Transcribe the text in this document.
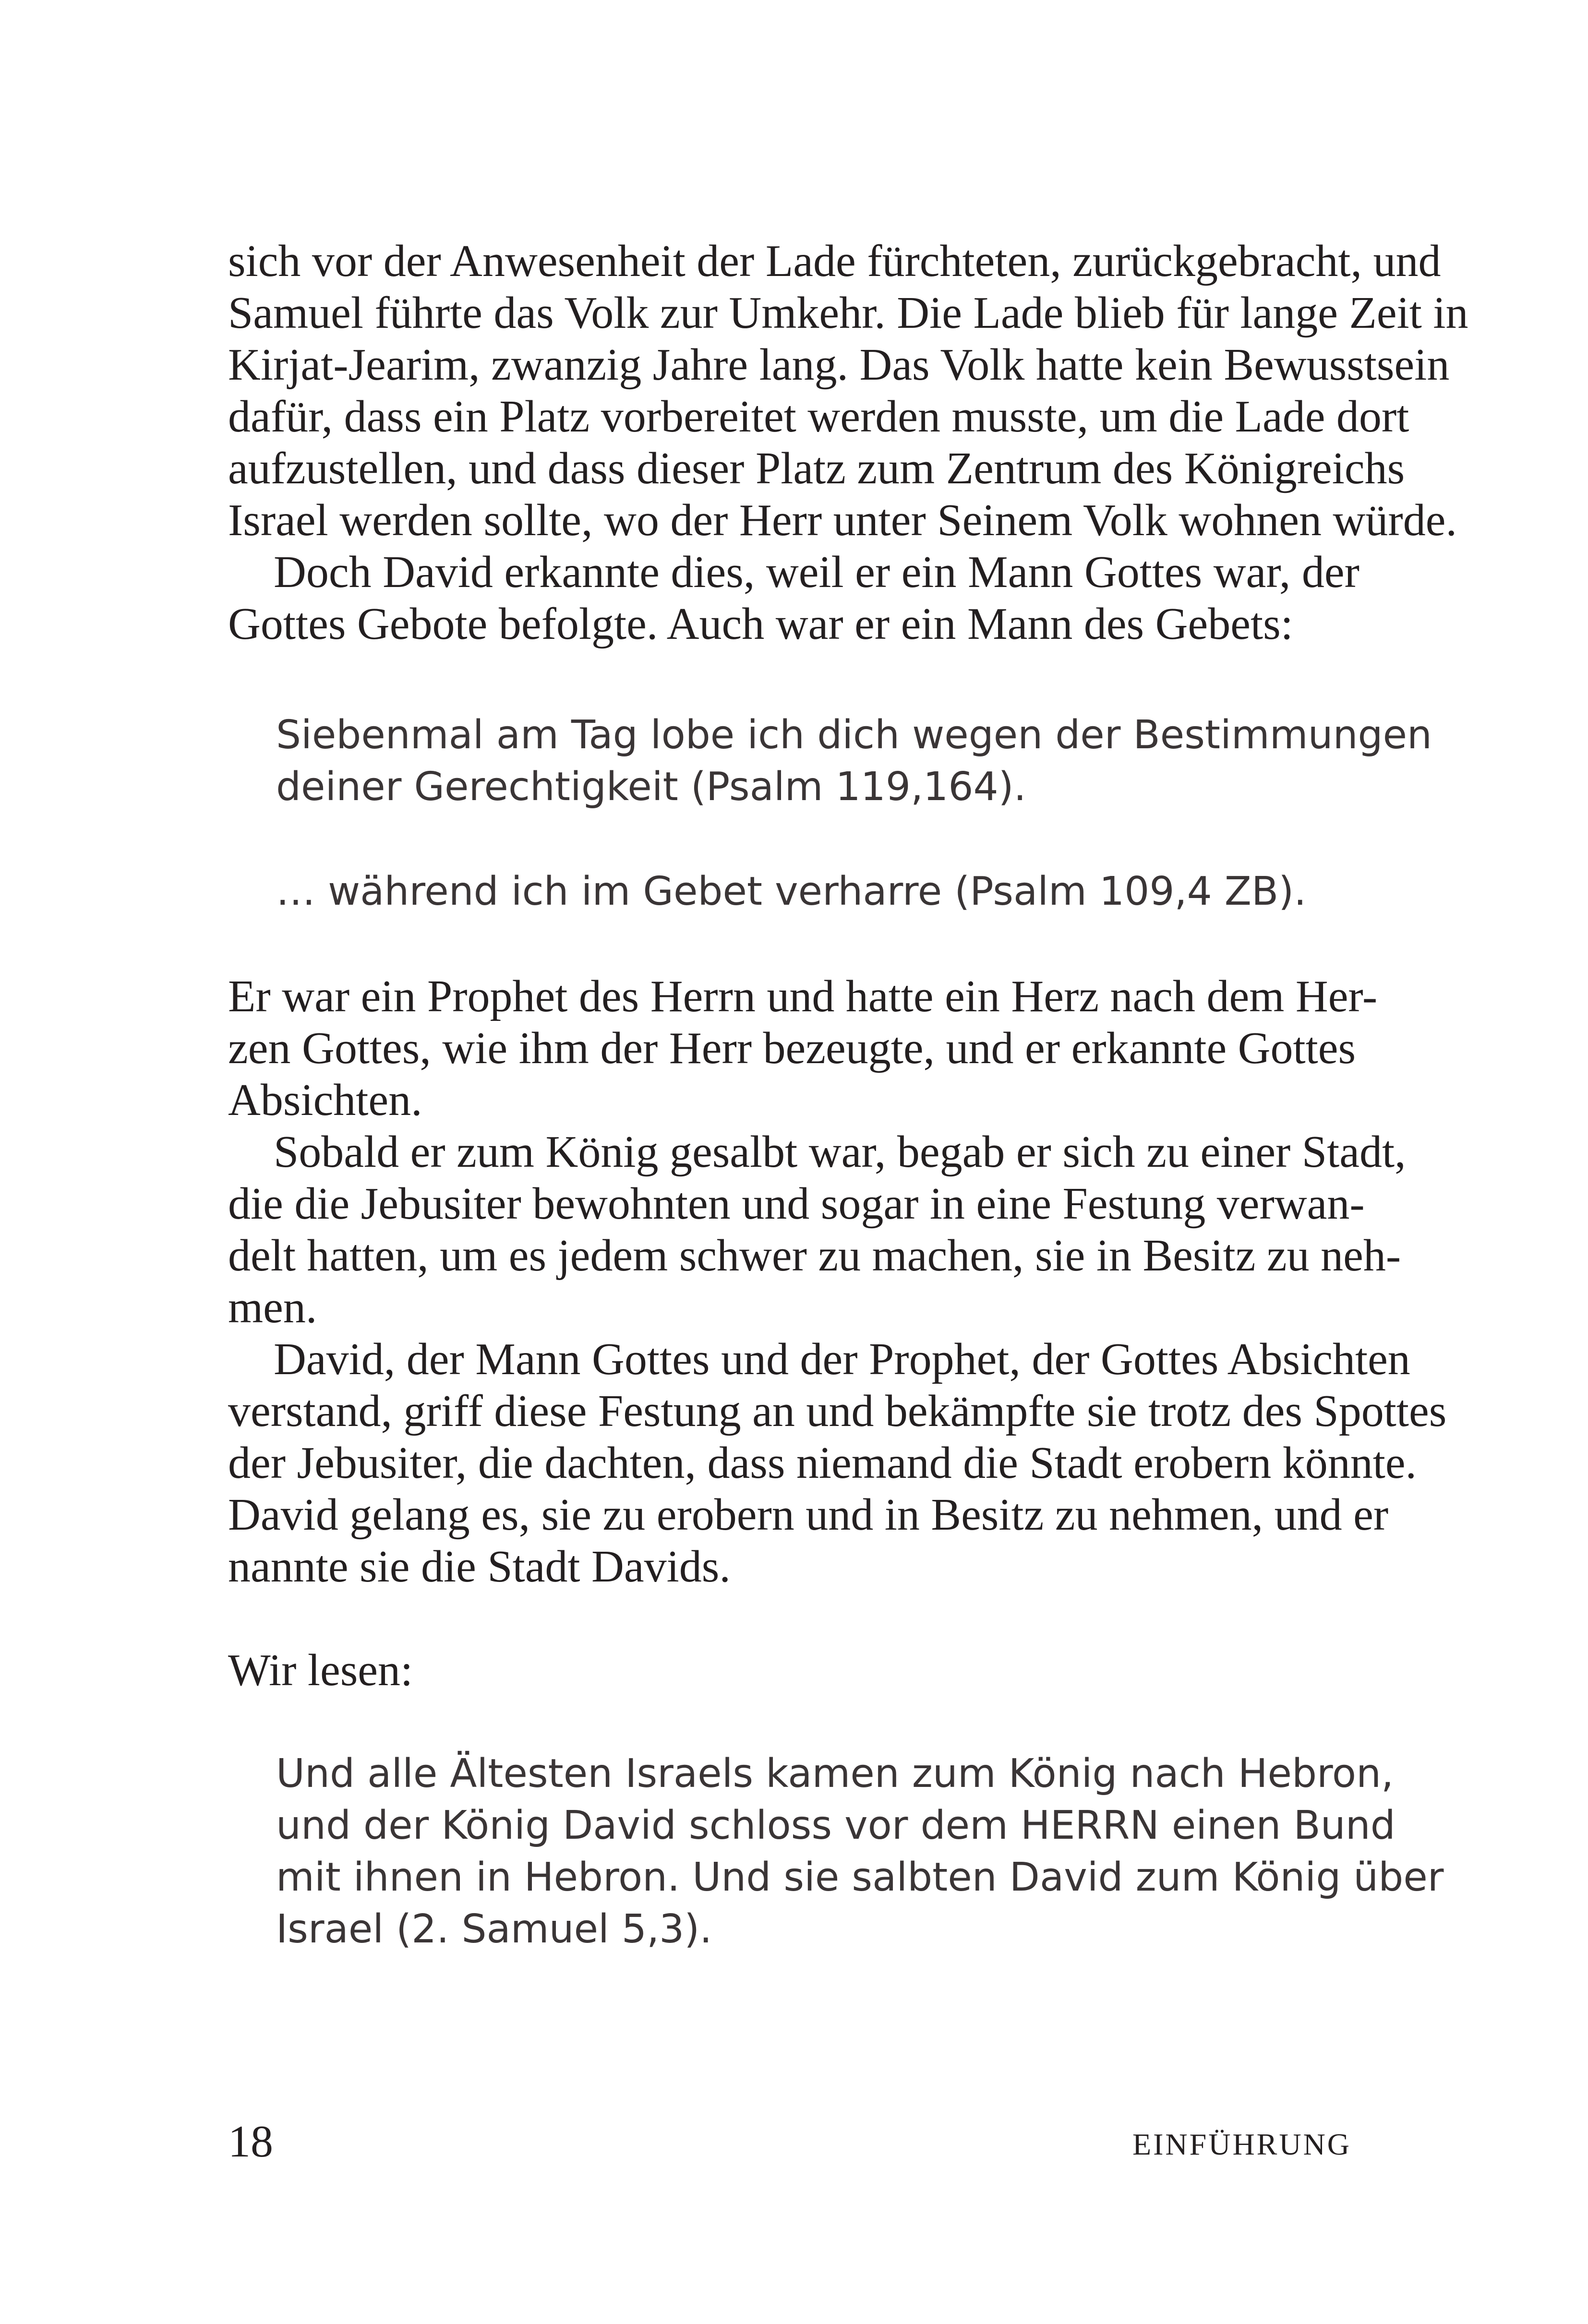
sich vor der Anwesenheit der Lade fürchteten, zurückgebracht, und
Samuel führte das Volk zur Umkehr. Die Lade blieb für lange Zeit in
Kirjat-Jearim, zwanzig Jahre lang. Das Volk hatte kein Bewusstsein
dafür, dass ein Platz vorbereitet werden musste, um die Lade dort
aufzustellen, und dass dieser Platz zum Zentrum des Königreichs
Israel werden sollte, wo der Herr unter Seinem Volk wohnen würde.
Doch David erkannte dies, weil er ein Mann Gottes war, der
Gottes Gebote befolgte. Auch war er ein Mann des Gebets:
Siebenmal am Tag lobe ich dich wegen der Bestimmungen
deiner Gerechtigkeit (Psalm 119,164).
… während ich im Gebet verharre (Psalm 109,4 ZB).
Er war ein Prophet des Herrn und hatte ein Herz nach dem Her-
zen Gottes, wie ihm der Herr bezeugte, und er erkannte Gottes
Absichten.
Sobald er zum König gesalbt war, begab er sich zu einer Stadt,
die die Jebusiter bewohnten und sogar in eine Festung verwan-
delt hatten, um es jedem schwer zu machen, sie in Besitz zu neh-
men.
David, der Mann Gottes und der Prophet, der Gottes Absichten
verstand, griff diese Festung an und bekämpfte sie trotz des Spottes
der Jebusiter, die dachten, dass niemand die Stadt erobern könnte.
David gelang es, sie zu erobern und in Besitz zu nehmen, und er
nannte sie die Stadt Davids.
Wir lesen:
Und alle Ältesten Israels kamen zum König nach Hebron,
und der König David schloss vor dem HERRN einen Bund
mit ihnen in Hebron. Und sie salbten David zum König über
Israel (2. Samuel 5,3).
18	EINFÜHRUNG
